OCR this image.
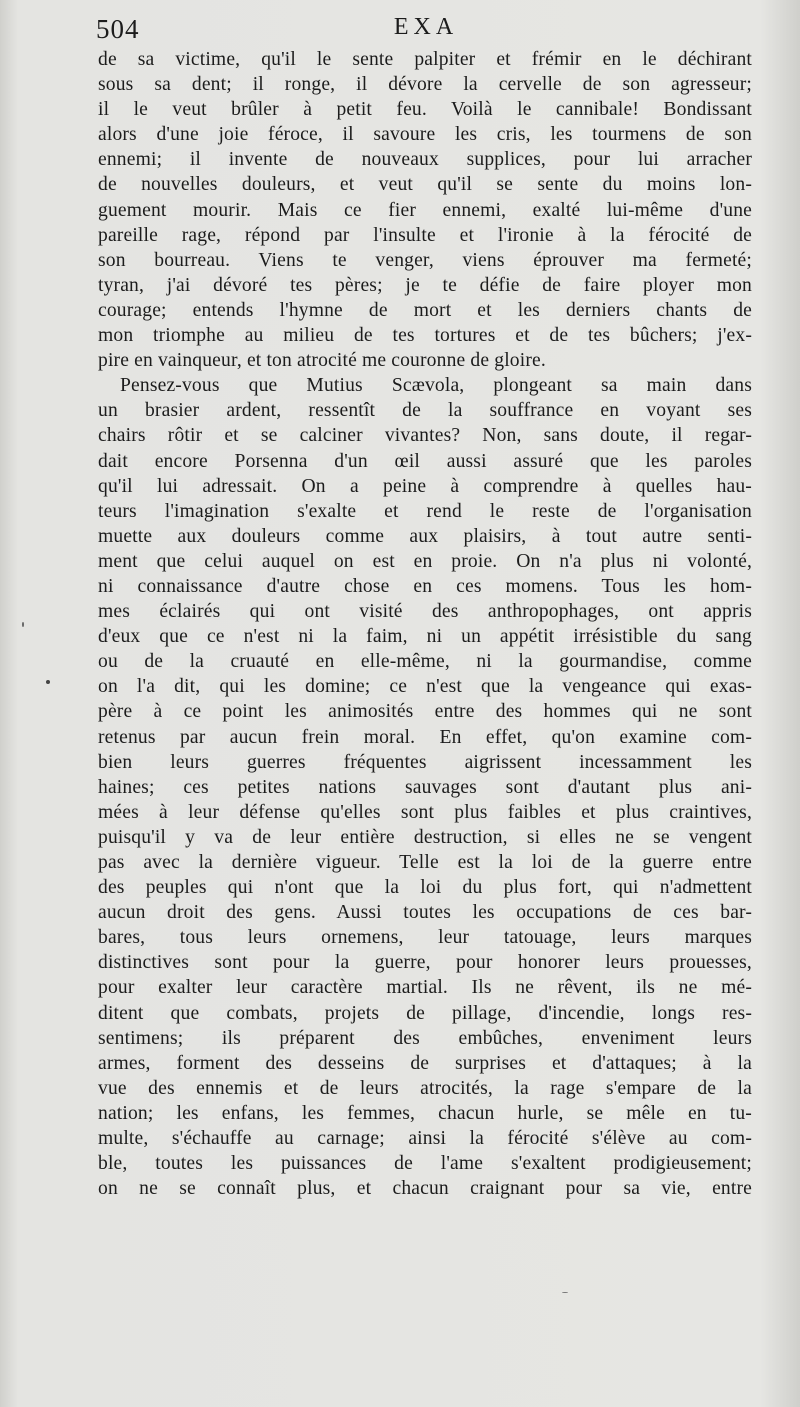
504	EXA
de sa victime, qu'il le sente palpiter et frémir en le déchirant
sous sa dent; il ronge, il dévore la cervelle de son agresseur;
il le veut brûler à petit feu. Voilà le cannibale! Bondissant
alors d'une joie féroce, il savoure les cris, les tourmens de son
ennemi; il invente de nouveaux supplices, pour lui arracher
de nouvelles douleurs, et veut qu'il se sente du moins lon-
guement mourir. Mais ce fier ennemi, exalté lui-même d'une
pareille rage, répond par l'insulte et l'ironie à la férocité de
son bourreau. Viens te venger, viens éprouver ma fermeté;
tyran, j'ai dévoré tes pères; je te défie de faire ployer mon
courage; entends l'hymne de mort et les derniers chants de
mon triomphe au milieu de tes tortures et de tes bûchers; j'ex-
pire en vainqueur, et ton atrocité me couronne de gloire.
Pensez-vous que Mutius Scævola, plongeant sa main dans
un brasier ardent, ressentît de la souffrance en voyant ses
chairs rôtir et se calciner vivantes? Non, sans doute, il regar-
dait encore Porsenna d'un œil aussi assuré que les paroles
qu'il lui adressait. On a peine à comprendre à quelles hau-
teurs l'imagination s'exalte et rend le reste de l'organisation
muette aux douleurs comme aux plaisirs, à tout autre senti-
ment que celui auquel on est en proie. On n'a plus ni volonté,
ni connaissance d'autre chose en ces momens. Tous les hom-
mes éclairés qui ont visité des anthropophages, ont appris
d'eux que ce n'est ni la faim, ni un appétit irrésistible du sang
ou de la cruauté en elle-même, ni la gourmandise, comme
on l'a dit, qui les domine; ce n'est que la vengeance qui exas-
père à ce point les animosités entre des hommes qui ne sont
retenus par aucun frein moral. En effet, qu'on examine com-
bien leurs guerres fréquentes aigrissent incessamment les
haines; ces petites nations sauvages sont d'autant plus ani-
mées à leur défense qu'elles sont plus faibles et plus craintives,
puisqu'il y va de leur entière destruction, si elles ne se vengent
pas avec la dernière vigueur. Telle est la loi de la guerre entre
des peuples qui n'ont que la loi du plus fort, qui n'admettent
aucun droit des gens. Aussi toutes les occupations de ces bar-
bares, tous leurs ornemens, leur tatouage, leurs marques
distinctives sont pour la guerre, pour honorer leurs prouesses,
pour exalter leur caractère martial. Ils ne rêvent, ils ne mé-
ditent que combats, projets de pillage, d'incendie, longs res-
sentimens; ils préparent des embûches, enveniment leurs
armes, forment des desseins de surprises et d'attaques; à la
vue des ennemis et de leurs atrocités, la rage s'empare de la
nation; les enfans, les femmes, chacun hurle, se mêle en tu-
multe, s'échauffe au carnage; ainsi la férocité s'élève au com-
ble, toutes les puissances de l'ame s'exaltent prodigieusement;
on ne se connaît plus, et chacun craignant pour sa vie, entre
